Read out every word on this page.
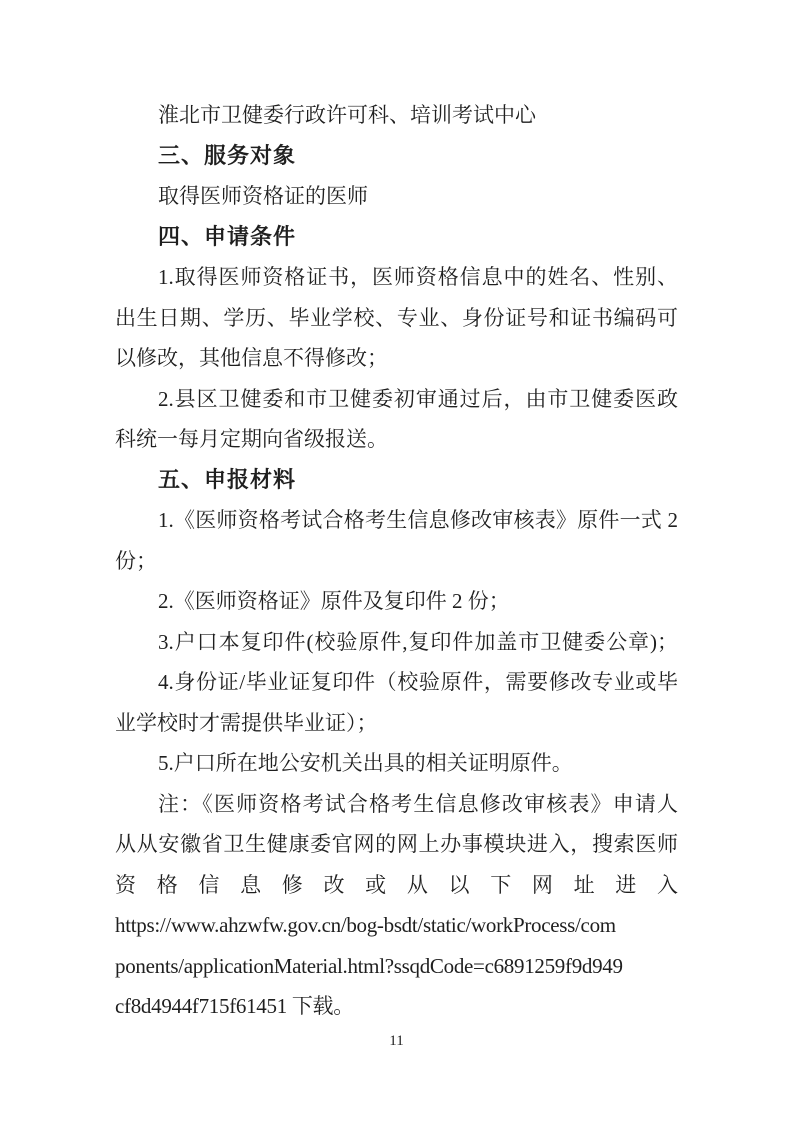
淮北市卫健委行政许可科、培训考试中心
三、服务对象
取得医师资格证的医师
四、申请条件
1.取得医师资格证书，医师资格信息中的姓名、性别、
出生日期、学历、毕业学校、专业、身份证号和证书编码可
以修改，其他信息不得修改；
2.县区卫健委和市卫健委初审通过后，由市卫健委医政
科统一每月定期向省级报送。
五、申报材料
1.《医师资格考试合格考生信息修改审核表》原件一式 2
份；
2.《医师资格证》原件及复印件 2 份；
3.户口本复印件(校验原件,复印件加盖市卫健委公章)；
4.身份证/毕业证复印件（校验原件，需要修改专业或毕
业学校时才需提供毕业证）；
5.户口所在地公安机关出具的相关证明原件。
注：《医师资格考试合格考生信息修改审核表》申请人
从从安徽省卫生健康委官网的网上办事模块进入，搜索医师
资格信息修改或从以下网址进入
https://www.ahzwfw.gov.cn/bog-bsdt/static/workProcess/com
ponents/applicationMaterial.html?ssqdCode=c6891259f9d949
cf8d4944f715f61451 下载。
11
